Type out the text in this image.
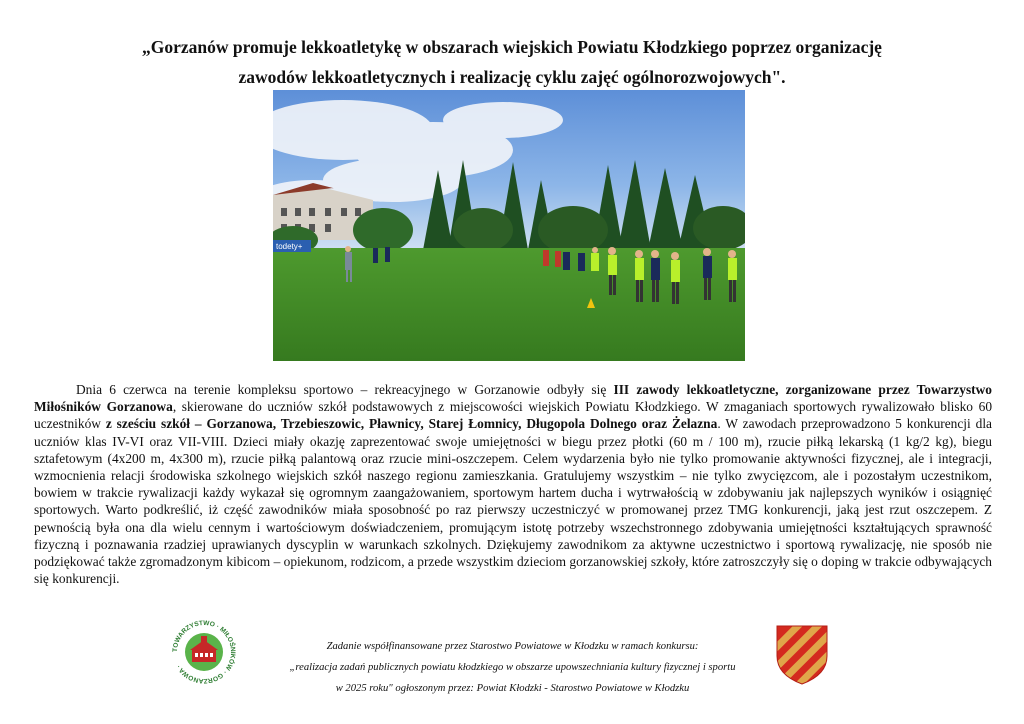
„Gorzanów promuje lekkoatletykę w obszarach wiejskich Powiatu Kłodzkiego poprzez organizację
zawodów lekkoatletycznych i realizację cyklu zajęć ogólnorozwojowych".
todety+

Dnia 6 czerwca na terenie kompleksu sportowo – rekreacyjnego w Gorzanowie odbyły się III zawody lekkoatletyczne, zorganizowane przez Towarzystwo Miłośników Gorzanowa, skierowane do uczniów szkół podstawowych z miejscowości wiejskich Powiatu Kłodzkiego. W zmaganiach sportowych rywalizowało blisko 60 uczestników z sześciu szkół – Gorzanowa, Trzebieszowic, Pławnicy, Starej Łomnicy, Długopola Dolnego oraz Żelazna. W zawodach przeprowadzono 5 konkurencji dla uczniów klas IV-VI oraz VII-VIII. Dzieci miały okazję zaprezentować swoje umiejętności w biegu przez płotki (60 m / 100 m), rzucie piłką lekarską (1 kg/2 kg), biegu sztafetowym (4x200 m, 4x300 m), rzucie piłką palantową oraz rzucie mini-oszczepem. Celem wydarzenia było nie tylko promowanie aktywności fizycznej, ale i integracji, wzmocnienia relacji środowiska szkolnego wiejskich szkół naszego regionu zamieszkania. Gratulujemy wszystkim – nie tylko zwycięzcom, ale i pozostałym uczestnikom, bowiem w trakcie rywalizacji każdy wykazał się ogromnym zaangażowaniem, sportowym hartem ducha i wytrwałością w zdobywaniu jak najlepszych wyników i osiągnięć sportowych. Warto podkreślić, iż część zawodników miała sposobność po raz pierwszy uczestniczyć w promowanej przez TMG konkurencji, jaką jest rzut oszczepem. Z pewnością była ona dla wielu cennym i wartościowym doświadczeniem, promującym istotę potrzeby wszechstronnego zdobywania umiejętności kształtujących sprawność fizyczną i poznawania rzadziej uprawianych dyscyplin w warunkach szkolnych. Dziękujemy zawodnikom za aktywne uczestnictwo i sportową rywalizację, nie sposób nie podziękować także zgromadzonym kibicom – opiekunom, rodzicom, a przede wszystkim dzieciom gorzanowskiej szkoły, które zatroszczyły się o doping w trakcie odbywających się konkurencji.

TOWARZYSTWO · MIŁOŚNIKÓW · GORZANOWA ·
Zadanie współfinansowane przez Starostwo Powiatowe w Kłodzku w ramach konkursu:
„realizacja zadań publicznych powiatu kłodzkiego w obszarze upowszechniania kultury fizycznej i sportu
w 2025 roku" ogłoszonym przez: Powiat Kłodzki - Starostwo Powiatowe w Kłodzku
